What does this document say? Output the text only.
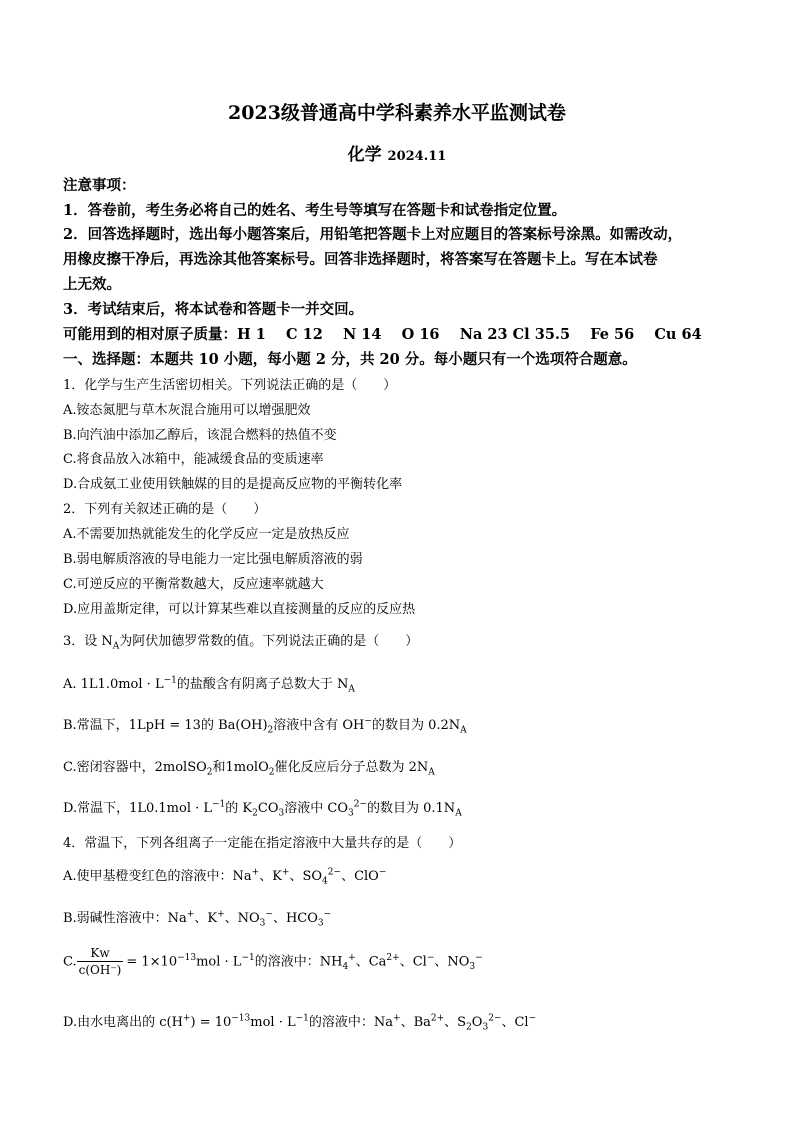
2023级普通高中学科素养水平监测试卷
化学 2024.11
注意事项：
1．答卷前，考生务必将自己的姓名、考生号等填写在答题卡和试卷指定位置。
2．回答选择题时，选出每小题答案后，用铅笔把答题卡上对应题目的答案标号涂黑。如需改动，
用橡皮擦干净后，再选涂其他答案标号。回答非选择题时，将答案写在答题卡上。写在本试卷
上无效。
3．考试结束后，将本试卷和答题卡一并交回。
可能用到的相对原子质量：H 1    C 12    N 14    O 16    Na 23 Cl 35.5    Fe 56    Cu 64
一、选择题：本题共 10 小题，每小题 2 分，共 20 分。每小题只有一个选项符合题意。
1．化学与生产生活密切相关。下列说法正确的是（　　）
A.铵态氮肥与草木灰混合施用可以增强肥效
B.向汽油中添加乙醇后，该混合燃料的热值不变
C.将食品放入冰箱中，能减缓食品的变质速率
D.合成氨工业使用铁触媒的目的是提高反应物的平衡转化率
2．下列有关叙述正确的是（　　）
A.不需要加热就能发生的化学反应一定是放热反应
B.弱电解质溶液的导电能力一定比强电解质溶液的弱
C.可逆反应的平衡常数越大，反应速率就越大
D.应用盖斯定律，可以计算某些难以直接测量的反应的反应热
3．设 $N_A$为阿伏加德罗常数的值。下列说法正确的是（　　）
A. $1L1.0mol \cdot L^{-1}$的盐酸含有阴离子总数大于 $N_A$
B.常温下，1LpH = 13的 $Ba(OH)_2$溶液中含有 OH−的数目为 $0.2N_A$
C.密闭容器中，2molSO$_2$和1molO$_2$催化反应后分子总数为 $2N_A$
D.常温下，$1L0.1mol \cdot L^{-1}$的 $K_2CO_3$溶液中 $CO_3^{2-}$的数目为 $0.1N_A$
4．常温下，下列各组离子一定能在指定溶液中大量共存的是（　　）
A.使甲基橙变红色的溶液中：Na+、K+、$SO_4^{2-}$、ClO−
B.弱碱性溶液中：Na+、K+、$NO_3^-$、$HCO_3^-$
C. $\frac{Kw}{c(OH^-)} = 1\times 10^{-13}mol \cdot L^{-1}$的溶液中：$NH_4^+$、$Ca^{2+}$、Cl−、$NO_3^-$
D.由水电离出的 $c(H^+) = 10^{-13}mol \cdot L^{-1}$的溶液中：Na+、$Ba^{2+}$、$S_2O_3^{2-}$、Cl−
